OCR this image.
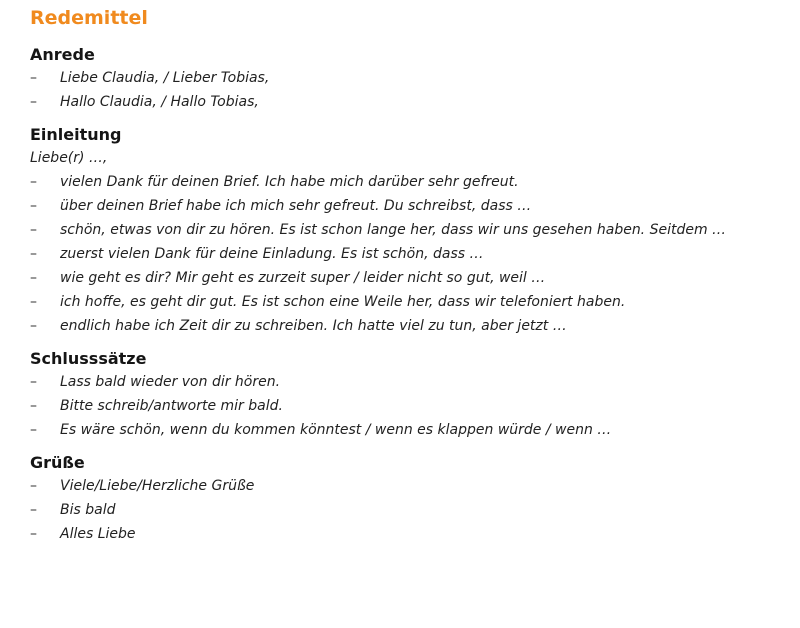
Redemittel
Anrede
– Liebe Claudia, / Lieber Tobias,
– Hallo Claudia, / Hallo Tobias,
Einleitung
Liebe(r) …,
– vielen Dank für deinen Brief. Ich habe mich darüber sehr gefreut.
– über deinen Brief habe ich mich sehr gefreut. Du schreibst, dass …
– schön, etwas von dir zu hören. Es ist schon lange her, dass wir uns gesehen haben. Seitdem …
– zuerst vielen Dank für deine Einladung. Es ist schön, dass …
– wie geht es dir? Mir geht es zurzeit super / leider nicht so gut, weil …
– ich hoffe, es geht dir gut. Es ist schon eine Weile her, dass wir telefoniert haben.
– endlich habe ich Zeit dir zu schreiben. Ich hatte viel zu tun, aber jetzt …
Schlusssätze
– Lass bald wieder von dir hören.
– Bitte schreib/antworte mir bald.
– Es wäre schön, wenn du kommen könntest / wenn es klappen würde / wenn …
Grüße
– Viele/Liebe/Herzliche Grüße
– Bis bald
– Alles Liebe
